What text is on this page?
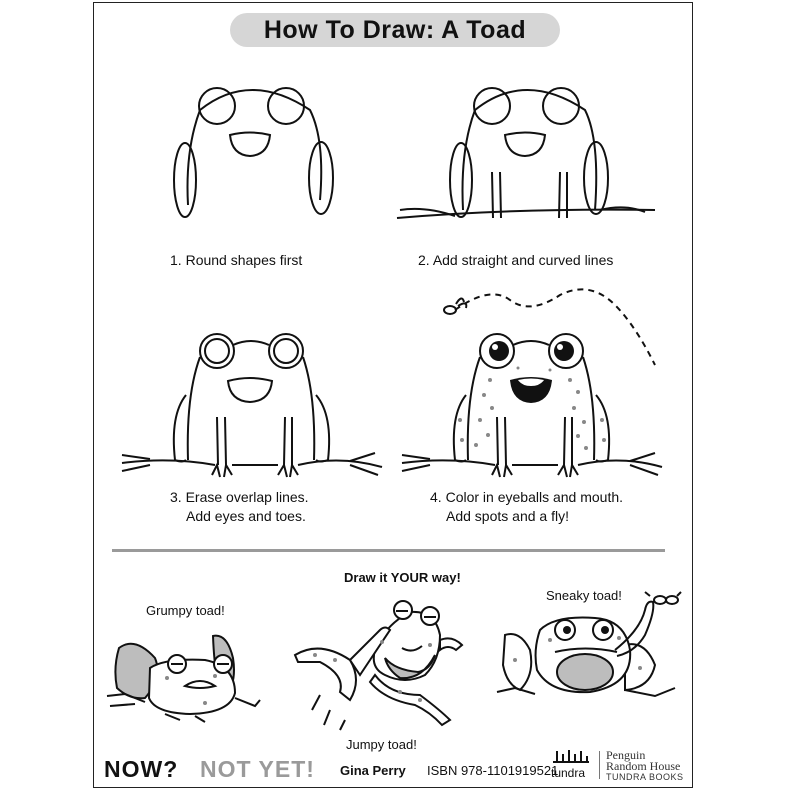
How To Draw: A Toad
1. Round shapes first	2. Add straight and curved lines
3. Erase overlap lines.
Add eyes and toes.
4. Color in eyeballs and mouth.
Add spots and a fly!
Draw it YOUR way!
Grumpy toad!
Jumpy toad!
Sneaky toad!
NOW? NOT YET! Gina Perry ISBN 978-1101919521
tundra
Penguin
Random House
TUNDRA BOOKS
